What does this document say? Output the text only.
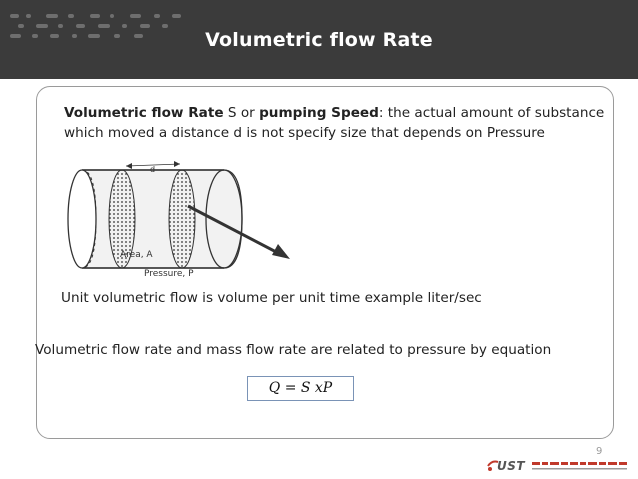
Volumetric flow Rate
Volumetric flow Rate S or pumping Speed: the actual amount of substance
which moved a distance d is not specify size that depends on Pressure
d
Area, A
Pressure, P
Unit volumetric flow is volume per unit time example liter/sec
Volumetric flow rate and mass flow rate are related to pressure by equation
Q = S xP
9
UST
